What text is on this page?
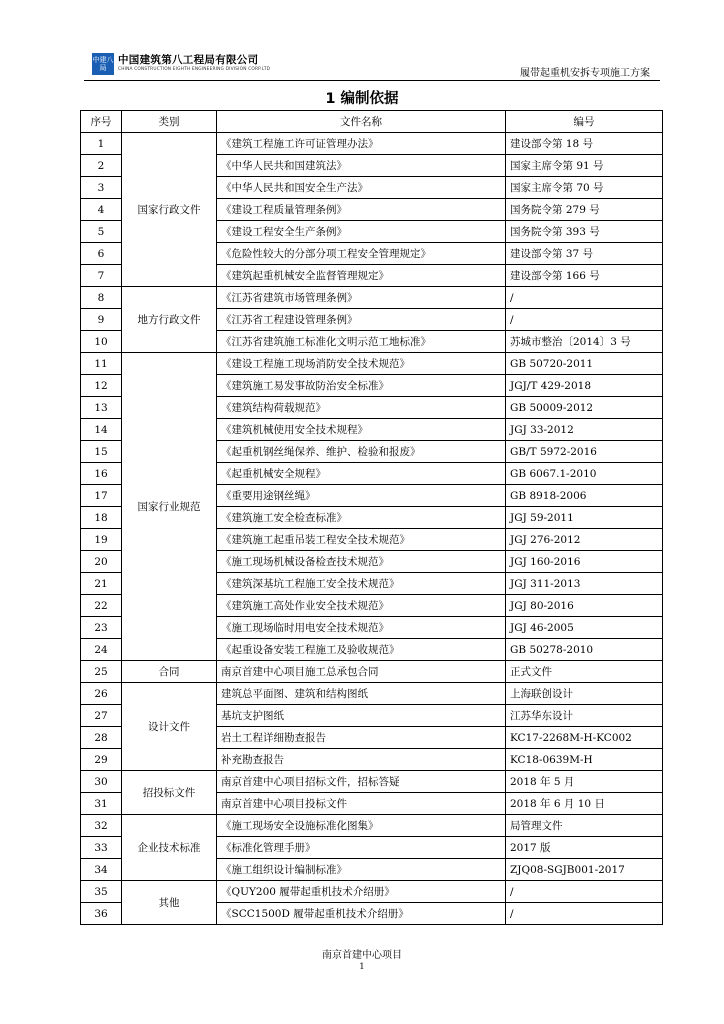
中建八局
中国建筑第八工程局有限公司
CHINA CONSTRUCTION EIGHTH ENGINEERING DIVISION CORP.LTD	履带起重机安拆专项施工方案
1 编制依据
序号	类别	文件名称	编号
1	国家行政文件	《建筑工程施工许可证管理办法》	建设部令第 18 号
2		《中华人民共和国建筑法》	国家主席令第 91 号
3		《中华人民共和国安全生产法》	国家主席令第 70 号
4		《建设工程质量管理条例》	国务院令第 279 号
5		《建设工程安全生产条例》	国务院令第 393 号
6		《危险性较大的分部分项工程安全管理规定》	建设部令第 37 号
7		《建筑起重机械安全监督管理规定》	建设部令第 166 号
8	地方行政文件	《江苏省建筑市场管理条例》	/
9		《江苏省工程建设管理条例》	/
10		《江苏省建筑施工标准化文明示范工地标准》	苏城市整治〔2014〕3 号
11	国家行业规范	《建设工程施工现场消防安全技术规范》	GB 50720-2011
12		《建筑施工易发事故防治安全标准》	JGJ/T 429-2018
13		《建筑结构荷载规范》	GB 50009-2012
14		《建筑机械使用安全技术规程》	JGJ 33-2012
15		《起重机钢丝绳保养、维护、检验和报废》	GB/T 5972-2016
16		《起重机械安全规程》	GB 6067.1-2010
17		《重要用途钢丝绳》	GB 8918-2006
18		《建筑施工安全检查标准》	JGJ 59-2011
19		《建筑施工起重吊装工程安全技术规范》	JGJ 276-2012
20		《施工现场机械设备检查技术规范》	JGJ 160-2016
21		《建筑深基坑工程施工安全技术规范》	JGJ 311-2013
22		《建筑施工高处作业安全技术规范》	JGJ 80-2016
23		《施工现场临时用电安全技术规范》	JGJ 46-2005
24		《起重设备安装工程施工及验收规范》	GB 50278-2010
25	合同	南京首建中心项目施工总承包合同	正式文件
26	设计文件	建筑总平面图、建筑和结构图纸	上海联创设计
27		基坑支护图纸	江苏华东设计
28		岩土工程详细勘查报告	KC17-2268M-H-KC002
29		补充勘查报告	KC18-0639M-H
30	招投标文件	南京首建中心项目招标文件，招标答疑	2018 年 5 月
31		南京首建中心项目投标文件	2018 年 6 月 10 日
32	企业技术标准	《施工现场安全设施标准化图集》	局管理文件
33		《标准化管理手册》	2017 版
34		《施工组织设计编制标准》	ZJQ08-SGJB001-2017
35	其他	《QUY200 履带起重机技术介绍册》	/
36		《SCC1500D 履带起重机技术介绍册》	/
南京首建中心项目
1
